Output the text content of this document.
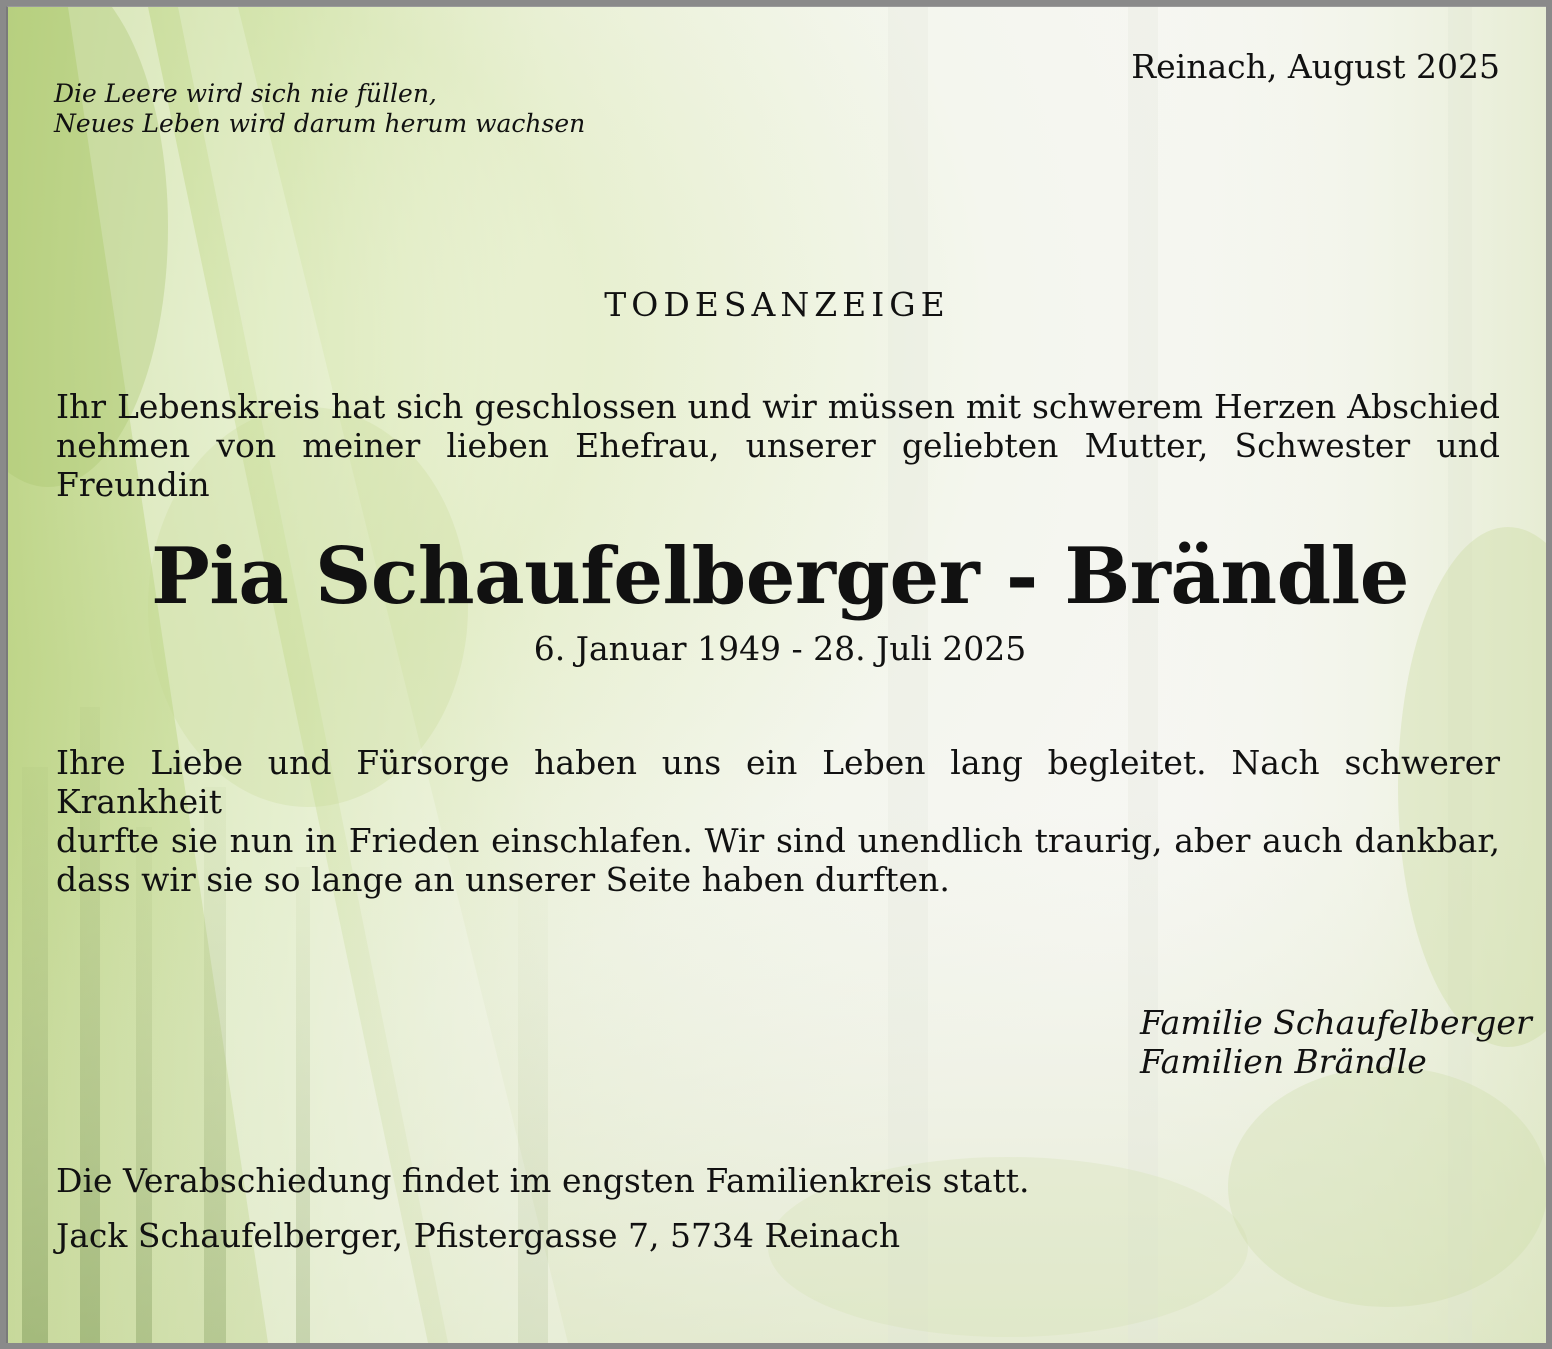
Die Leere wird sich nie füllen,
Neues Leben wird darum herum wachsen

Reinach, August 2025

TODESANZEIGE

Ihr Lebenskreis hat sich geschlossen und wir müssen mit schwerem Herzen Abschied
nehmen von meiner lieben Ehefrau, unserer geliebten Mutter, Schwester und Freundin

Pia Schaufelberger - Brändle

6. Januar 1949 - 28. Juli 2025

Ihre Liebe und Fürsorge haben uns ein Leben lang begleitet. Nach schwerer Krankheit
durfte sie nun in Frieden einschlafen. Wir sind unendlich traurig, aber auch dankbar,
dass wir sie so lange an unserer Seite haben durften.

Familie Schaufelberger
Familien Brändle

Die Verabschiedung findet im engsten Familienkreis statt.

Jack Schaufelberger, Pfistergasse 7, 5734 Reinach
